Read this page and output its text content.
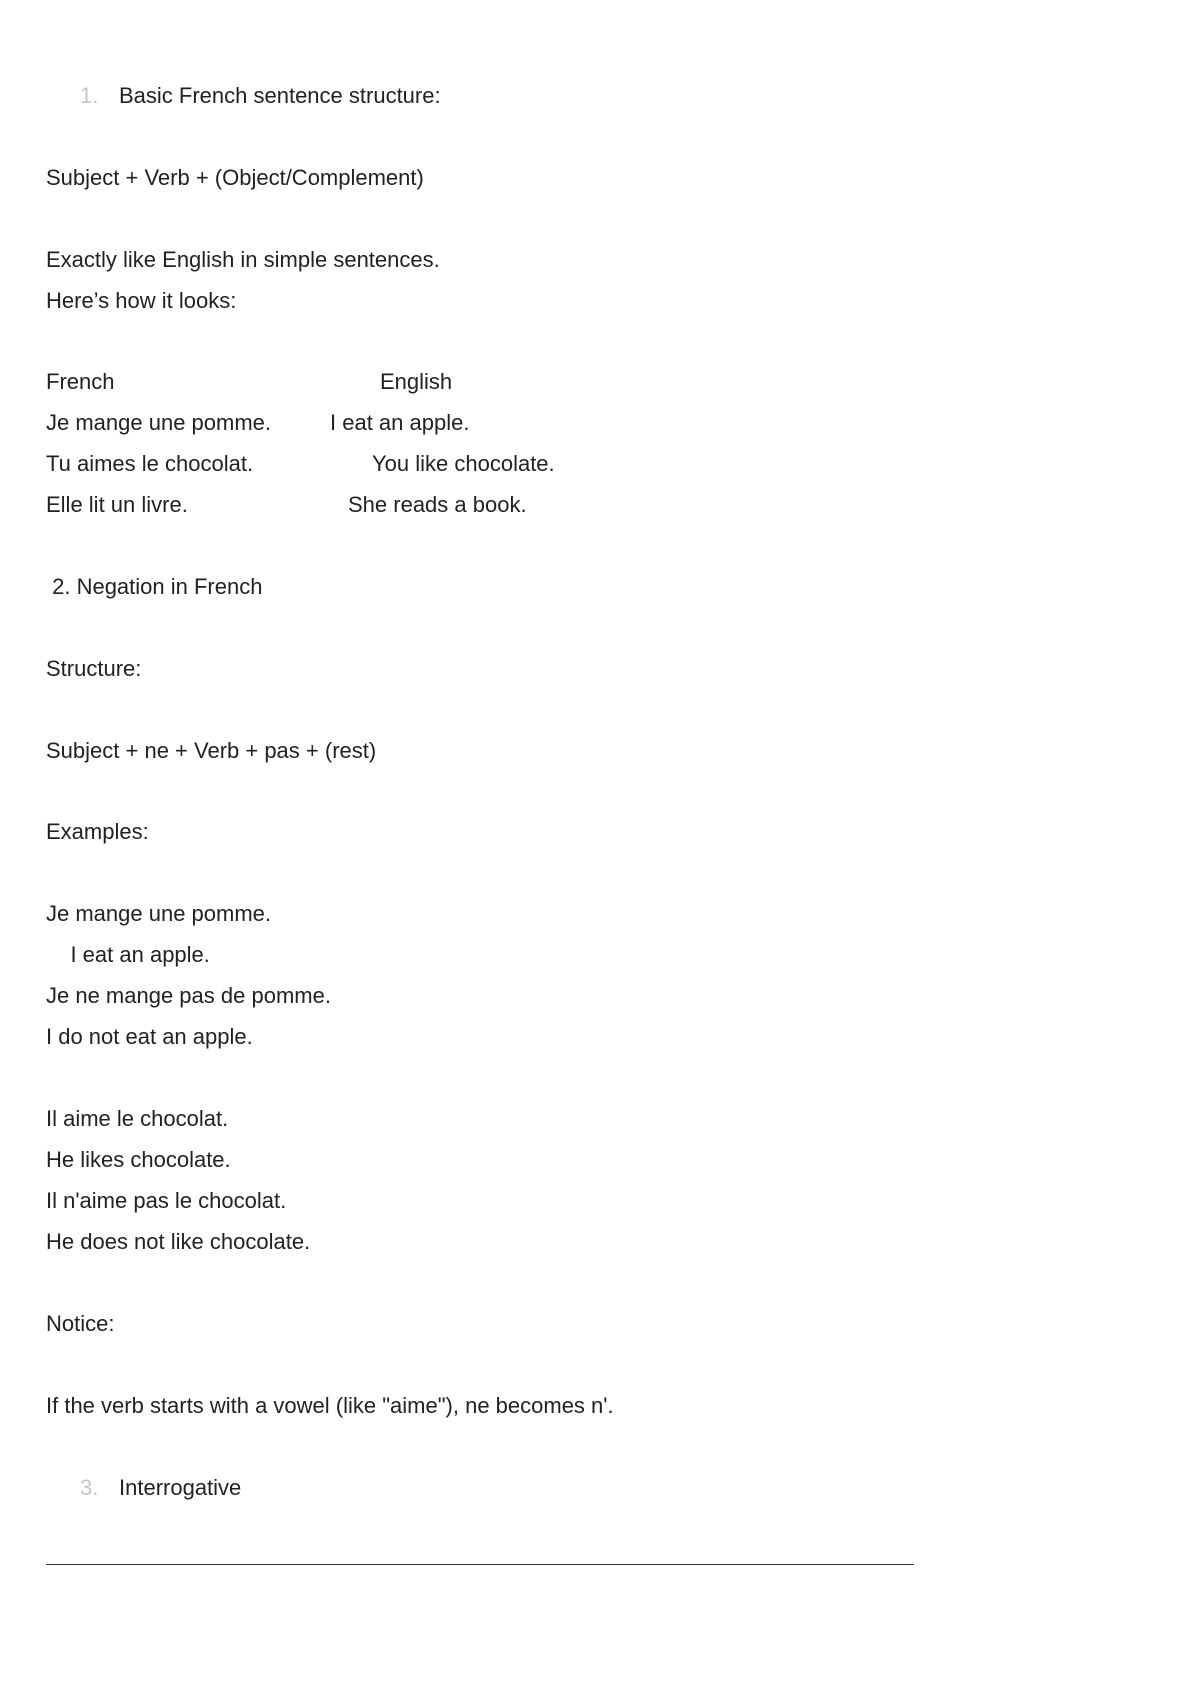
1. Basic French sentence structure:
Subject + Verb + (Object/Complement)
Exactly like English in simple sentences.
Here’s how it looks:
French	English
Je mange une pomme.	I eat an apple.
Tu aimes le chocolat.	You like chocolate.
Elle lit un livre.	She reads a book.
2. Negation in French
Structure:
Subject + ne + Verb + pas + (rest)
Examples:
Je mange une pomme.
I eat an apple.
Je ne mange pas de pomme.
I do not eat an apple.
Il aime le chocolat.
He likes chocolate.
Il n'aime pas le chocolat.
He does not like chocolate.
Notice:
If the verb starts with a vowel (like "aime"), ne becomes n'.
3. Interrogative
